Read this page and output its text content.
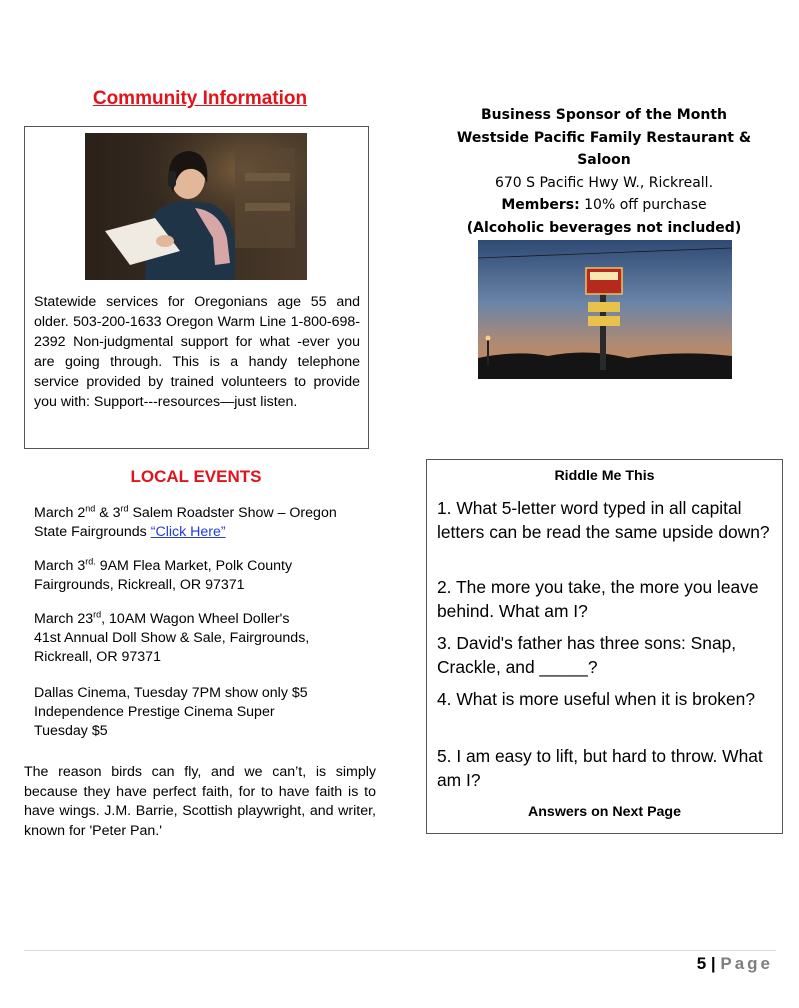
Community Information
Statewide services for Oregonians age 55 and older. 503-200-1633 Oregon Warm Line 1-800-698-2392 Non-judgmental support for what -ever you are going through. This is a handy telephone service provided by trained volunteers to provide you with: Support---resources—just listen.
LOCAL EVENTS
March 2nd & 3rd Salem Roadster Show – Oregon State Fairgrounds “Click Here”
March $3^{rd.}$ 9AM Flea Market, Polk County Fairgrounds, Rickreall, OR 97371
March 23rd, 10AM Wagon Wheel Doller's
41st Annual Doll Show & Sale, Fairgrounds, Rickreall, OR 97371
Dallas Cinema, Tuesday 7PM show only $5
Independence Prestige Cinema Super Tuesday $5
The reason birds can fly, and we can’t, is simply because they have perfect faith, for to have faith is to have wings. J.M. Barrie, Scottish playwright, and writer, known for 'Peter Pan.'
Business Sponsor of the Month
Westside Pacific Family Restaurant & Saloon
670 S Pacific Hwy W., Rickreall.
Members: 10% off purchase
(Alcoholic beverages not included)
Riddle Me This
1. What 5-letter word typed in all capital letters can be read the same upside down?
2. The more you take, the more you leave behind. What am I?
3. David's father has three sons: Snap, Crackle, and _____?
4. What is more useful when it is broken?
5. I am easy to lift, but hard to throw. What am I?
Answers on Next Page
5 | Page
